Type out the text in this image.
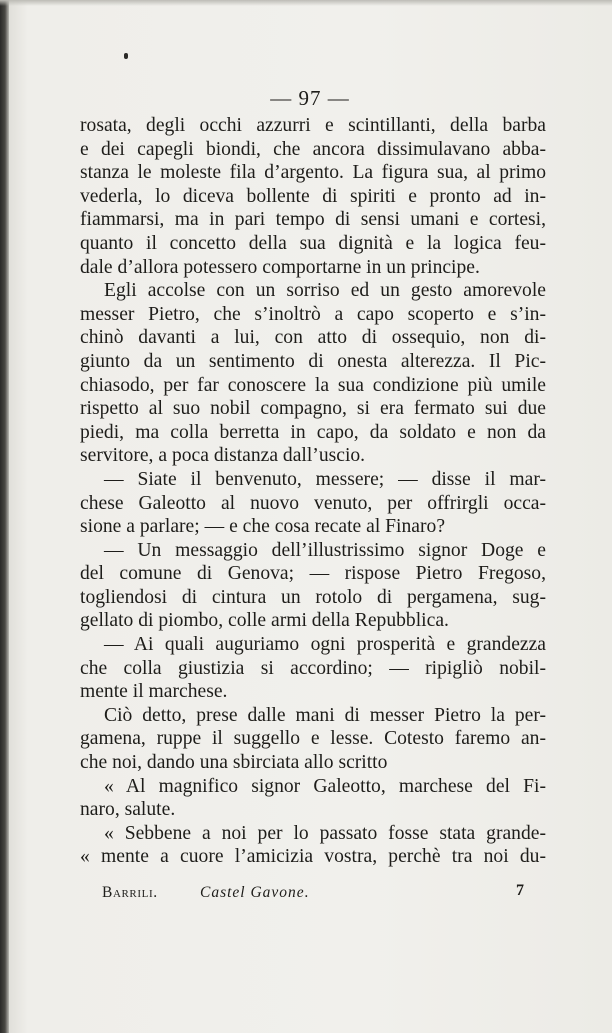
— 97 —
rosata, degli occhi azzurri e scintillanti, della barba
e dei capegli biondi, che ancora dissimulavano abba-
stanza le moleste fila d’argento. La figura sua, al primo
vederla, lo diceva bollente di spiriti e pronto ad in-
fiammarsi, ma in pari tempo di sensi umani e cortesi,
quanto il concetto della sua dignità e la logica feu-
dale d’allora potessero comportarne in un principe.
Egli accolse con un sorriso ed un gesto amorevole
messer Pietro, che s’inoltrò a capo scoperto e s’in-
chinò davanti a lui, con atto di ossequio, non di-
giunto da un sentimento di onesta alterezza. Il Pic-
chiasodo, per far conoscere la sua condizione più umile
rispetto al suo nobil compagno, si era fermato sui due
piedi, ma colla berretta in capo, da soldato e non da
servitore, a poca distanza dall’uscio.
— Siate il benvenuto, messere; — disse il mar-
chese Galeotto al nuovo venuto, per offrirgli occa-
sione a parlare; — e che cosa recate al Finaro?
— Un messaggio dell’illustrissimo signor Doge e
del comune di Genova; — rispose Pietro Fregoso,
togliendosi di cintura un rotolo di pergamena, sug-
gellato di piombo, colle armi della Repubblica.
— Ai quali auguriamo ogni prosperità e grandezza
che colla giustizia si accordino; — ripigliò nobil-
mente il marchese.
Ciò detto, prese dalle mani di messer Pietro la per-
gamena, ruppe il suggello e lesse. Cotesto faremo an-
che noi, dando una sbirciata allo scritto
« Al magnifico signor Galeotto, marchese del Fi-
naro, salute.
« Sebbene a noi per lo passato fosse stata grande-
« mente a cuore l’amicizia vostra, perchè tra noi du-
Barrili.	Castel Gavone.	7
